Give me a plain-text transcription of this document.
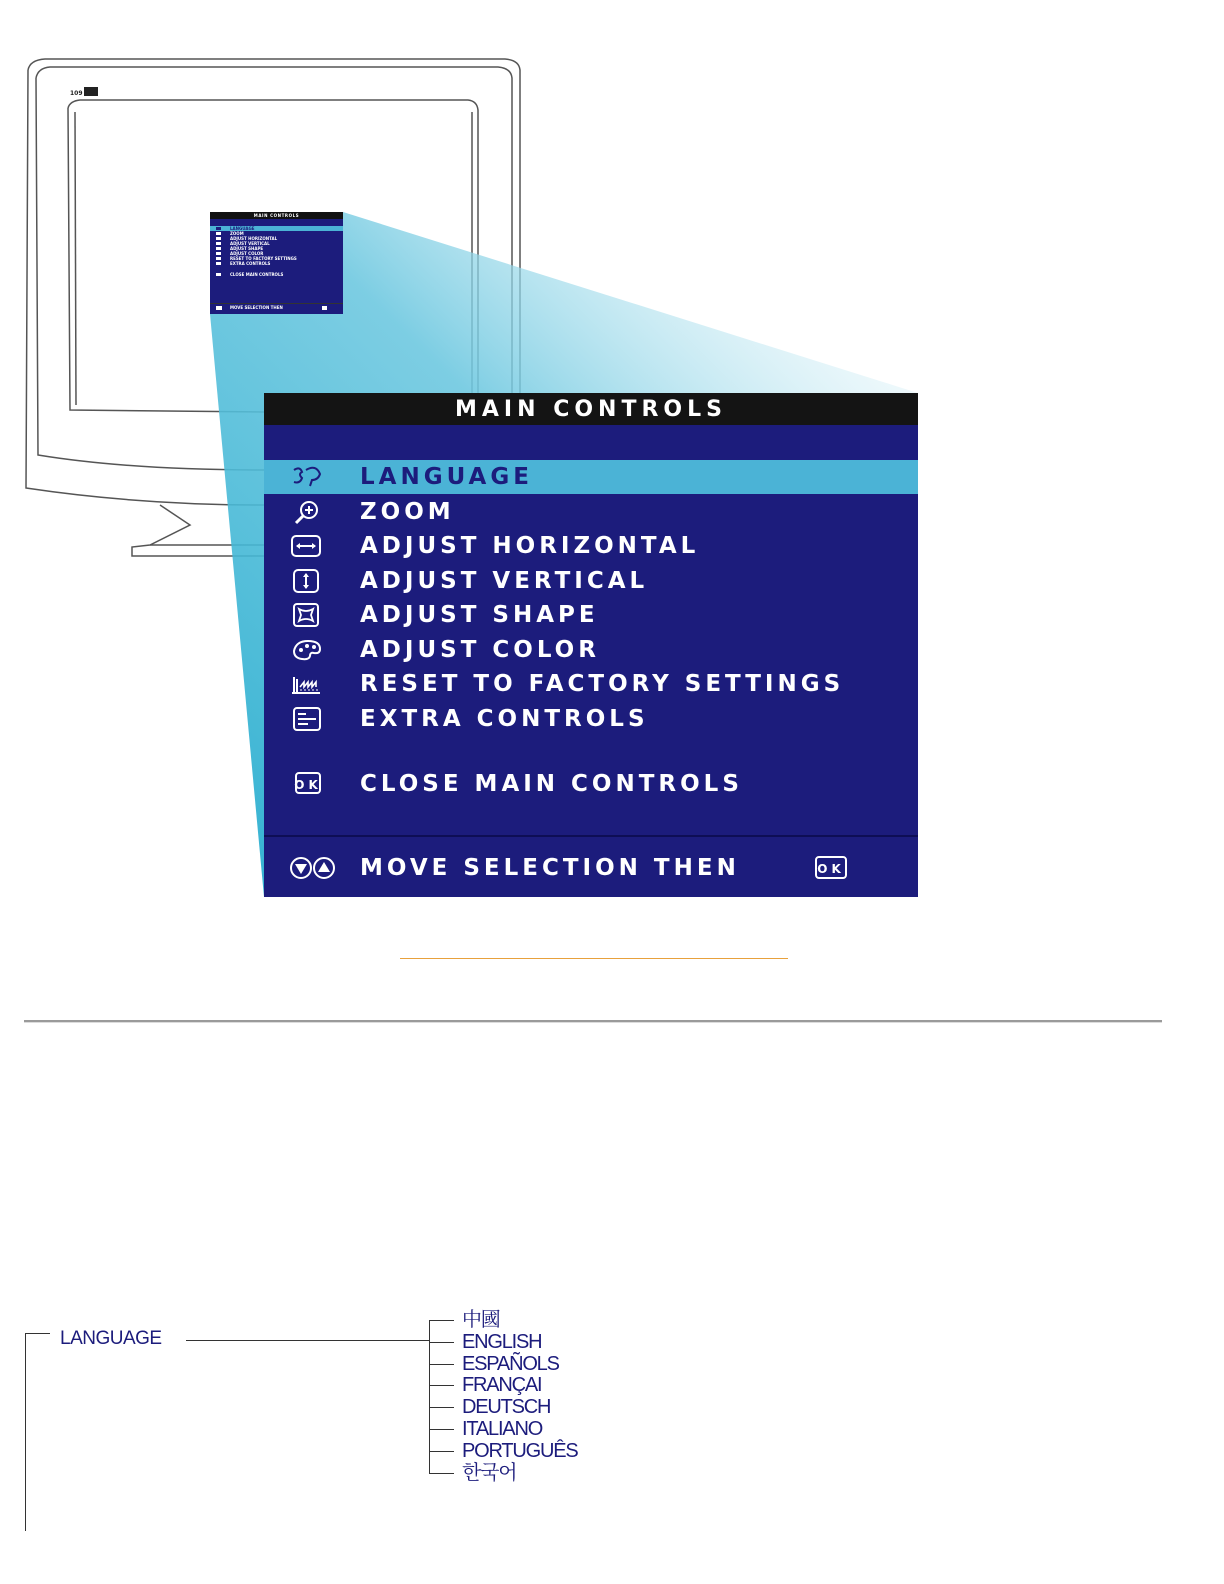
109
MAIN CONTROLS
LANGUAGE
ZOOM
ADJUST HORIZONTAL
ADJUST VERTICAL
ADJUST SHAPE
ADJUST COLOR
RESET TO FACTORY SETTINGS
EXTRA CONTROLS
CLOSE MAIN CONTROLS
MOVE SELECTION THEN
MAIN CONTROLS
LANGUAGE
ZOOM
ADJUST HORIZONTAL
ADJUST VERTICAL
ADJUST SHAPE
ADJUST COLOR
RESET TO FACTORY SETTINGS
EXTRA CONTROLS
OK CLOSE MAIN CONTROLS
MOVE SELECTION THEN	OK
LANGUAGE
中國
ENGLISH
ESPAÑOLS
FRANÇAI
DEUTSCH
ITALIANO
PORTUGUÊS
한국어
